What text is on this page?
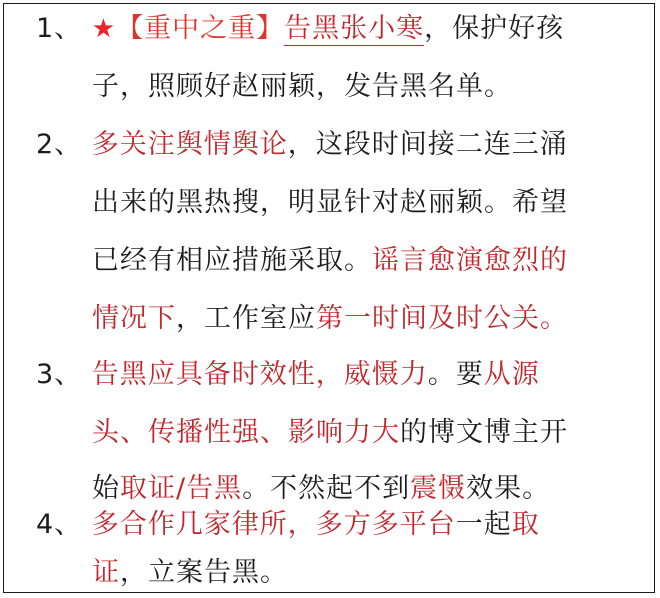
1、 ★【重中之重】告黑张小寒，保护好孩
子，照顾好赵丽颖，发告黑名单。
2、 多关注舆情舆论，这段时间接二连三涌
出来的黑热搜，明显针对赵丽颖。希望
已经有相应措施采取。谣言愈演愈烈的
情况下，工作室应第一时间及时公关。
3、 告黑应具备时效性，威慑力。要从源
头、传播性强、影响力大的博文博主开
始取证/告黑。不然起不到震慑效果。
4、 多合作几家律所，多方多平台一起取
证，立案告黑。
